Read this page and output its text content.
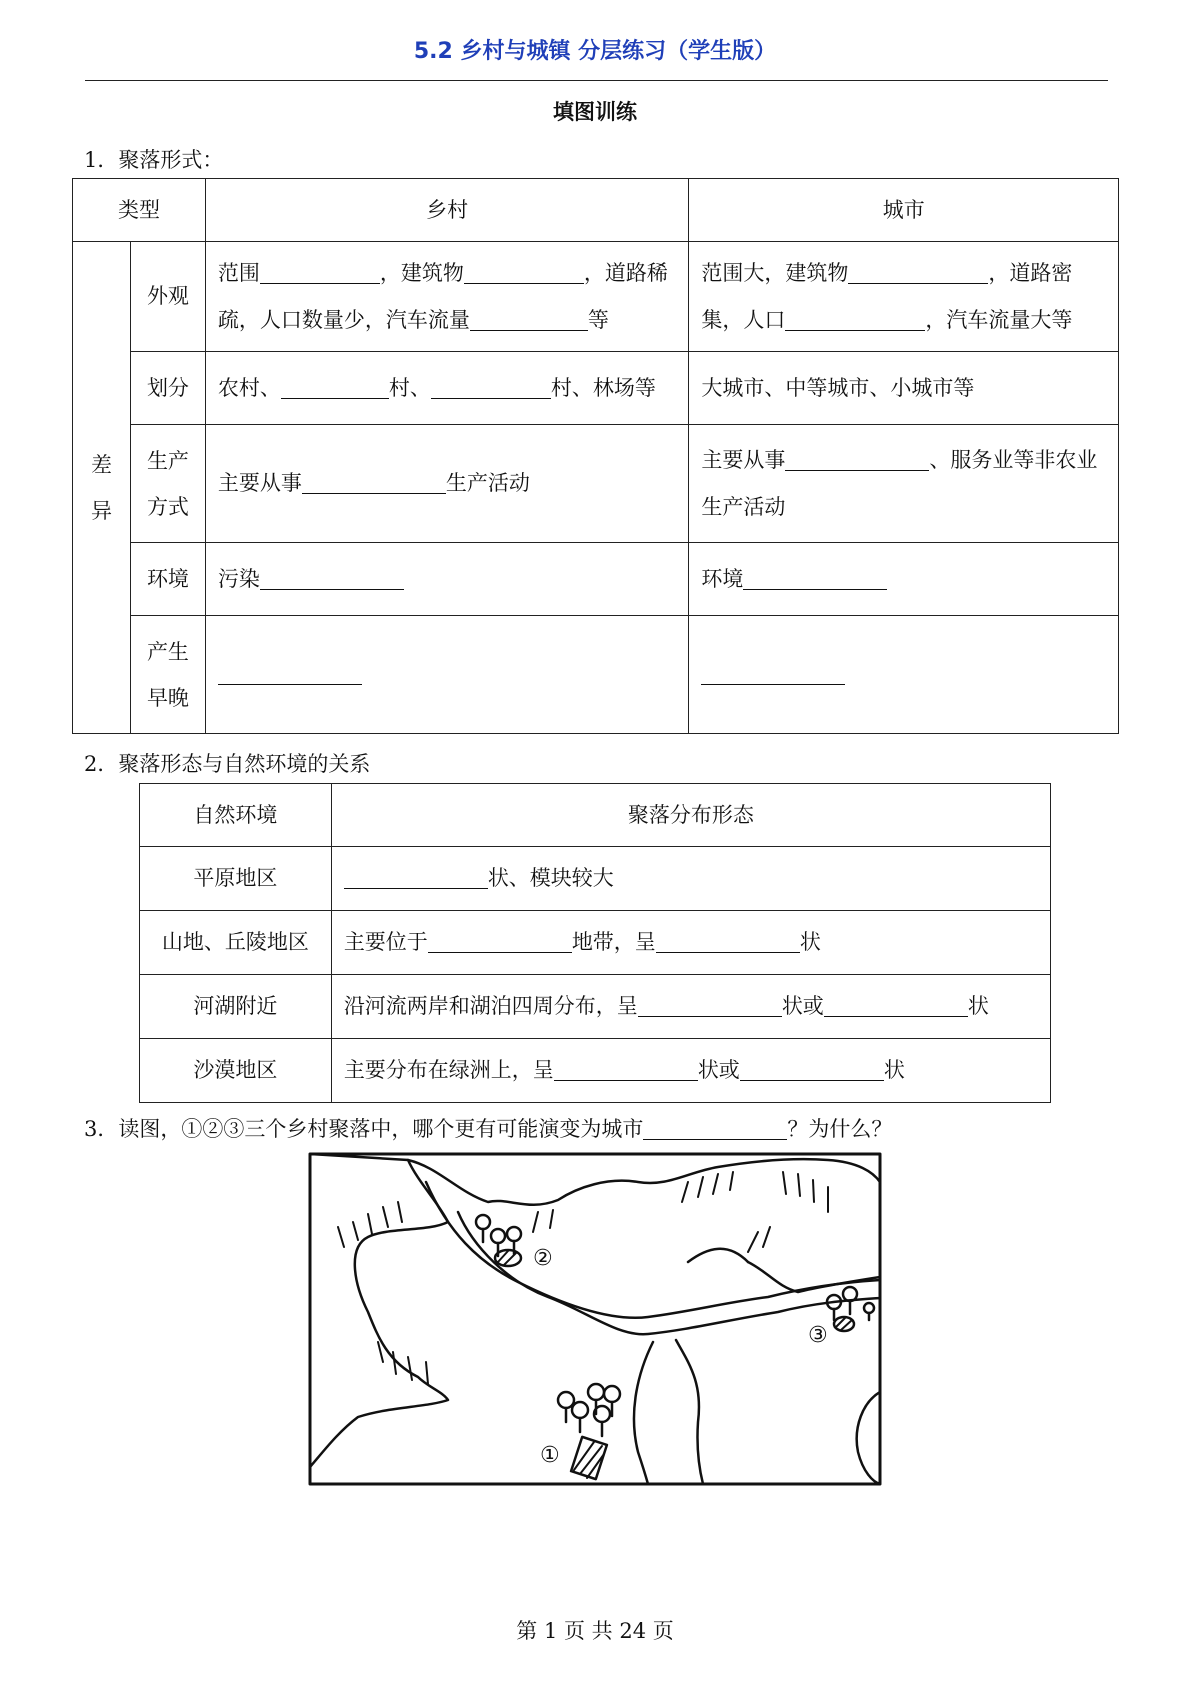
5.2 乡村与城镇 分层练习（学生版）
填图训练
1．聚落形式：
类型		乡村	城市
差异	外观	范围 ，建筑物 ，道路稀疏，人口数量少，汽车流量 等	范围大，建筑物 ，道路密集，人口 ，汽车流量大等
	划分	农村、 村、 村、林场等	大城市、中等城市、小城市等
	生产方式	主要从事 生产活动	主要从事 、服务业等非农业生产活动
	环境	污染	环境
	产生早晚		
2．聚落形态与自然环境的关系
自然环境	聚落分布形态
平原地区	状、模块较大
山地、丘陵地区	主要位于 地带，呈 状
河湖附近	沿河流两岸和湖泊四周分布，呈 状或 状
沙漠地区	主要分布在绿洲上，呈 状或 状
3．读图，①②③三个乡村聚落中，哪个更有可能演变为城市	？为什么？
①
②
③
第 1 页 共 24 页
